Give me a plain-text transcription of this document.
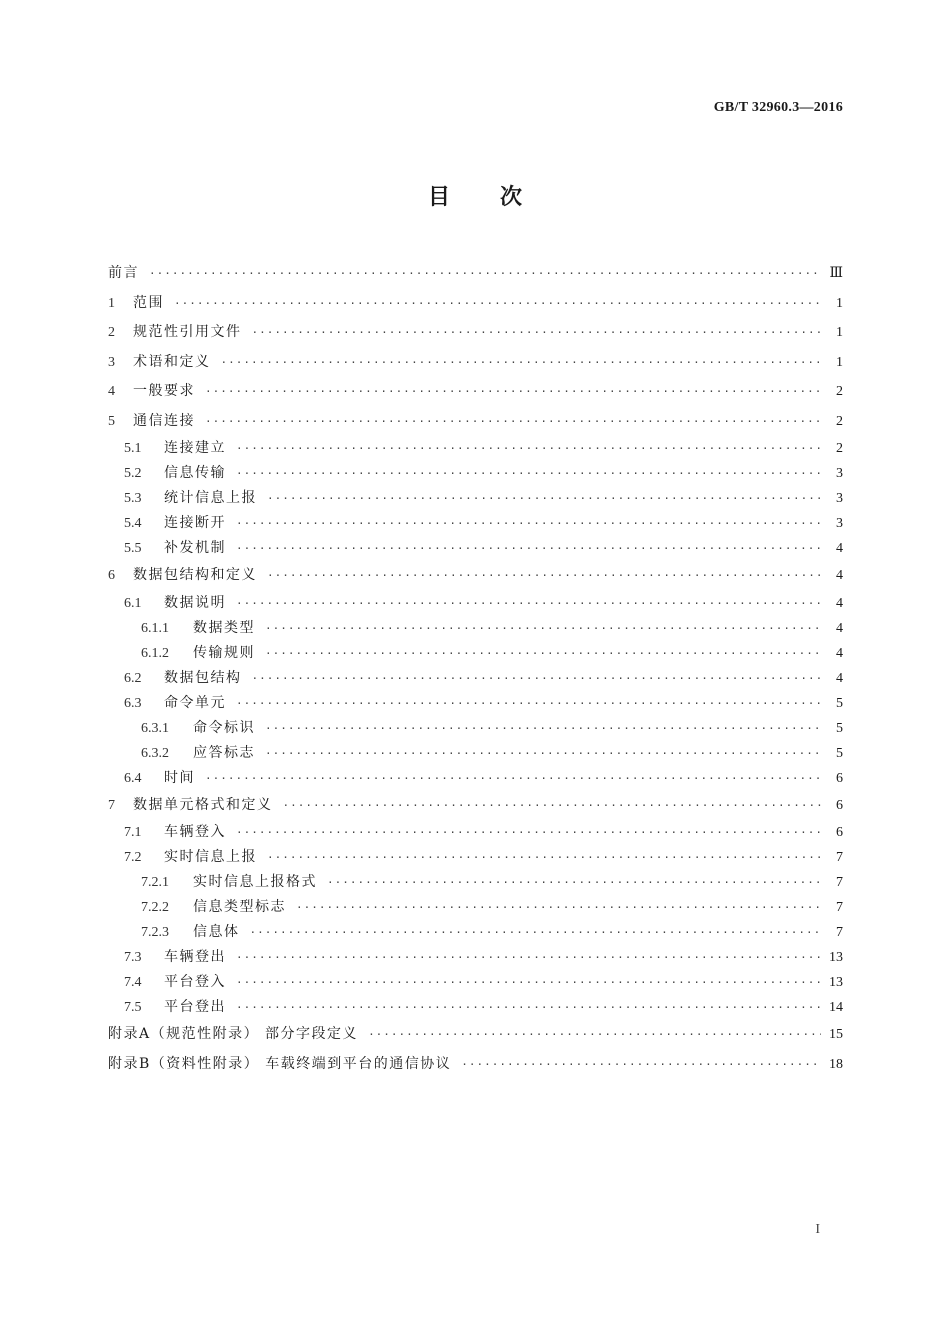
GB/T 32960.3—2016
目次
前言 ·····	Ⅲ
1	范围 ·····	1
2	规范性引用文件 ·····	1
3	术语和定义 ·····	1
4	一般要求 ·····	2
5	通信连接 ·····	2
5.1	连接建立 ·····	2
5.2	信息传输 ·····	3
5.3	统计信息上报 ·····	3
5.4	连接断开 ·····	3
5.5	补发机制 ·····	4
6	数据包结构和定义 ·····	4
6.1	数据说明 ·····	4
6.1.1	数据类型 ·····	4
6.1.2	传输规则 ·····	4
6.2	数据包结构 ·····	4
6.3	命令单元 ·····	5
6.3.1	命令标识 ·····	5
6.3.2	应答标志 ·····	5
6.4	时间 ·····	6
7	数据单元格式和定义 ·····	6
7.1	车辆登入 ·····	6
7.2	实时信息上报 ·····	7
7.2.1	实时信息上报格式 ·····	7
7.2.2	信息类型标志 ·····	7
7.2.3	信息体 ·····	7
7.3	车辆登出 ·····	13
7.4	平台登入 ·····	13
7.5	平台登出 ·····	14
附录A（规范性附录） 部分字段定义 ·····	15
附录B（资料性附录） 车载终端到平台的通信协议 ·····	18
I
